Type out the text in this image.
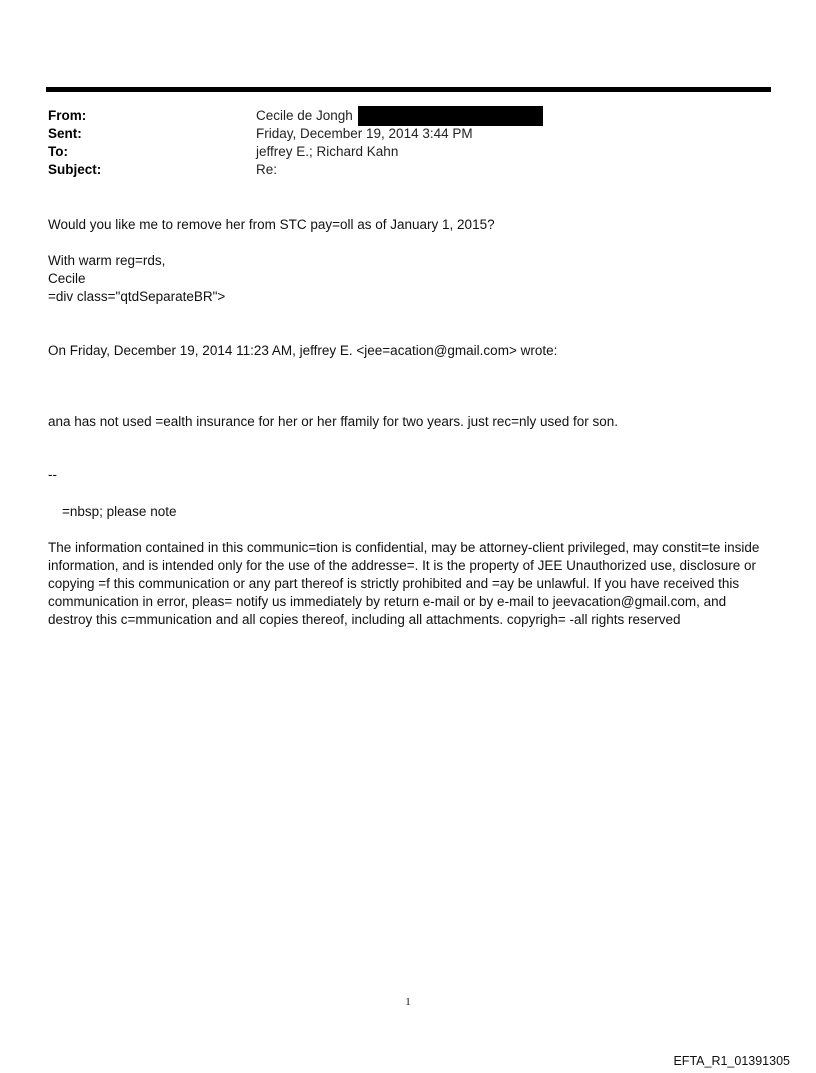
From:	Cecile de Jongh
Sent:	Friday, December 19, 2014 3:44 PM
To:	jeffrey E.; Richard Kahn
Subject:	Re:

Would you like me to remove her from STC pay=oll as of January 1, 2015?

With warm reg=rds,
Cecile
=div class="qtdSeparateBR">

On Friday, December 19, 2014 11:23 AM, jeffrey E. <jee=acation@gmail.com> wrote:

ana has not used =ealth insurance for her or her ffamily for two years. just rec=nly used for son.

--

=nbsp; please note

The information contained in this communic=tion is confidential, may be attorney-client privileged, may constit=te inside information, and is intended only for the use of the addresse=. It is the property of JEE Unauthorized use, disclosure or copying =f this communication or any part thereof is strictly prohibited and =ay be unlawful. If you have received this communication in error, pleas= notify us immediately by return e-mail or by e-mail to jeevacation@gmail.com, and destroy this c=mmunication and all copies thereof, including all attachments. copyrigh= -all rights reserved

1
EFTA_R1_01391305
